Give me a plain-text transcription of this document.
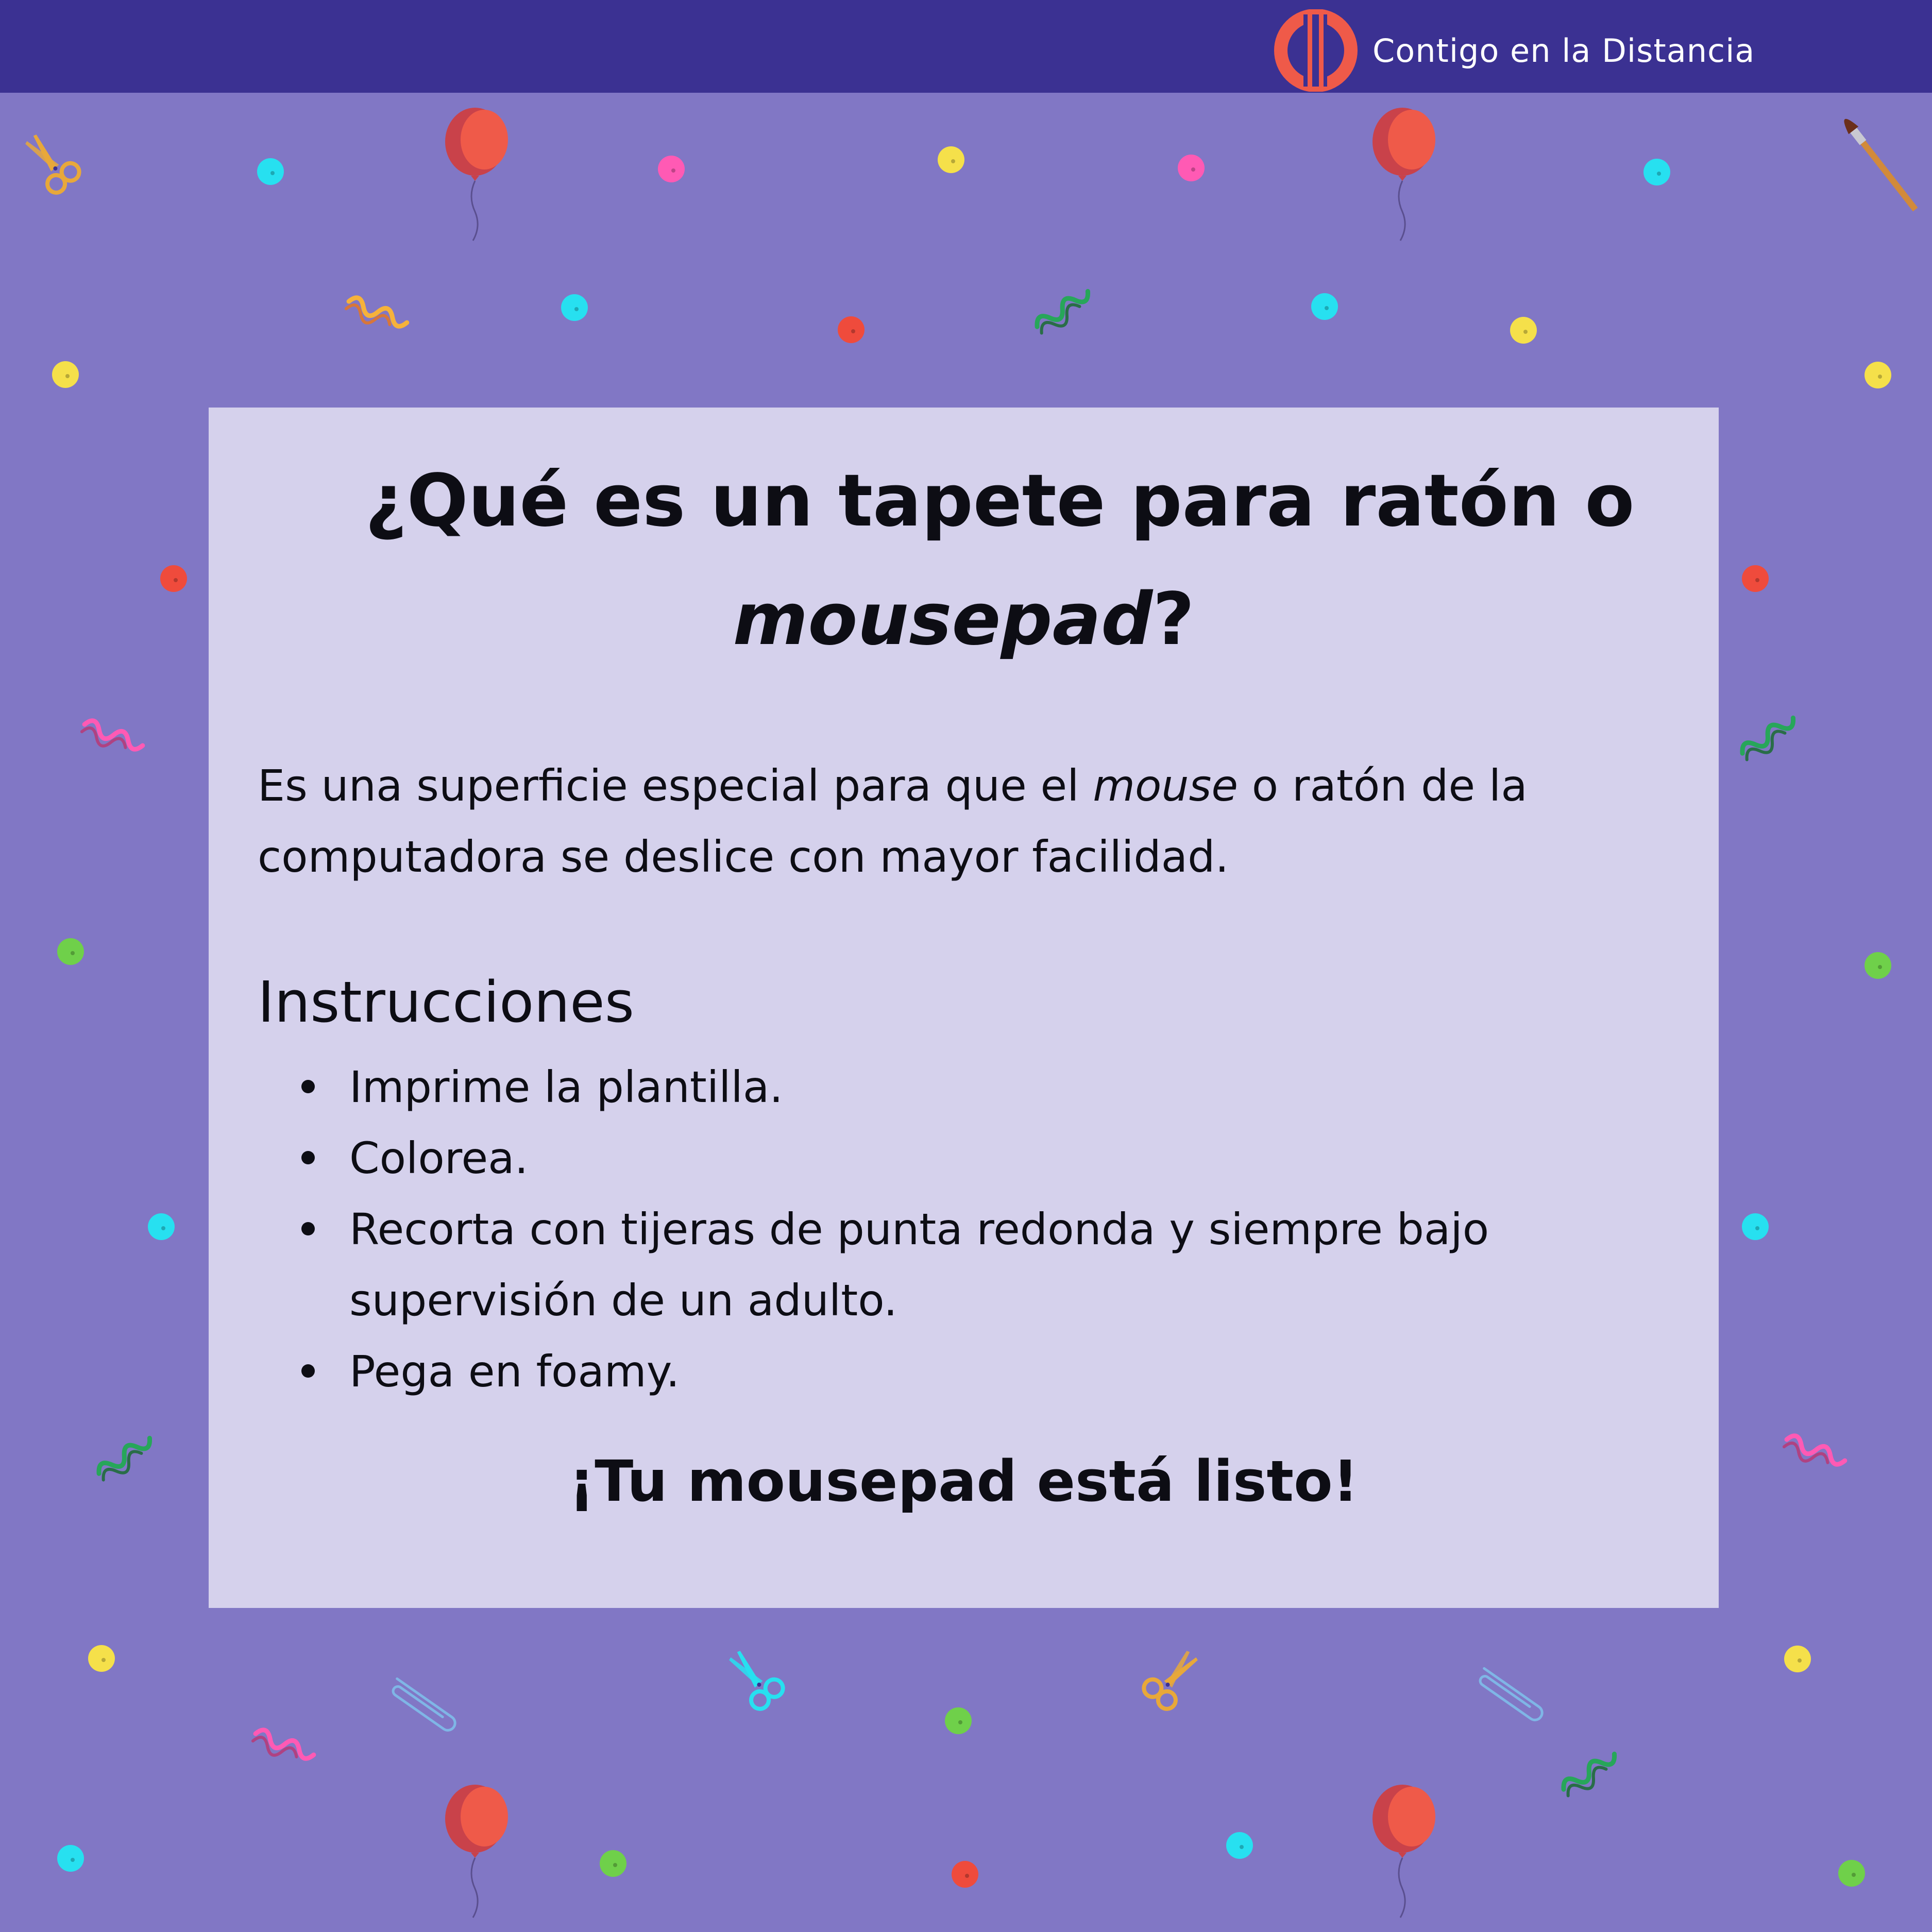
Contigo en la Distancia
¿Qué es un tapete para ratón o
mousepad?
Es una superficie especial para que el mouse o ratón de la computadora se deslice con mayor facilidad.
Instrucciones
Imprime la plantilla.
Colorea.
Recorta con tijeras de punta redonda y siempre bajo supervisión de un adulto.
Pega en foamy.
¡Tu mousepad está listo!
